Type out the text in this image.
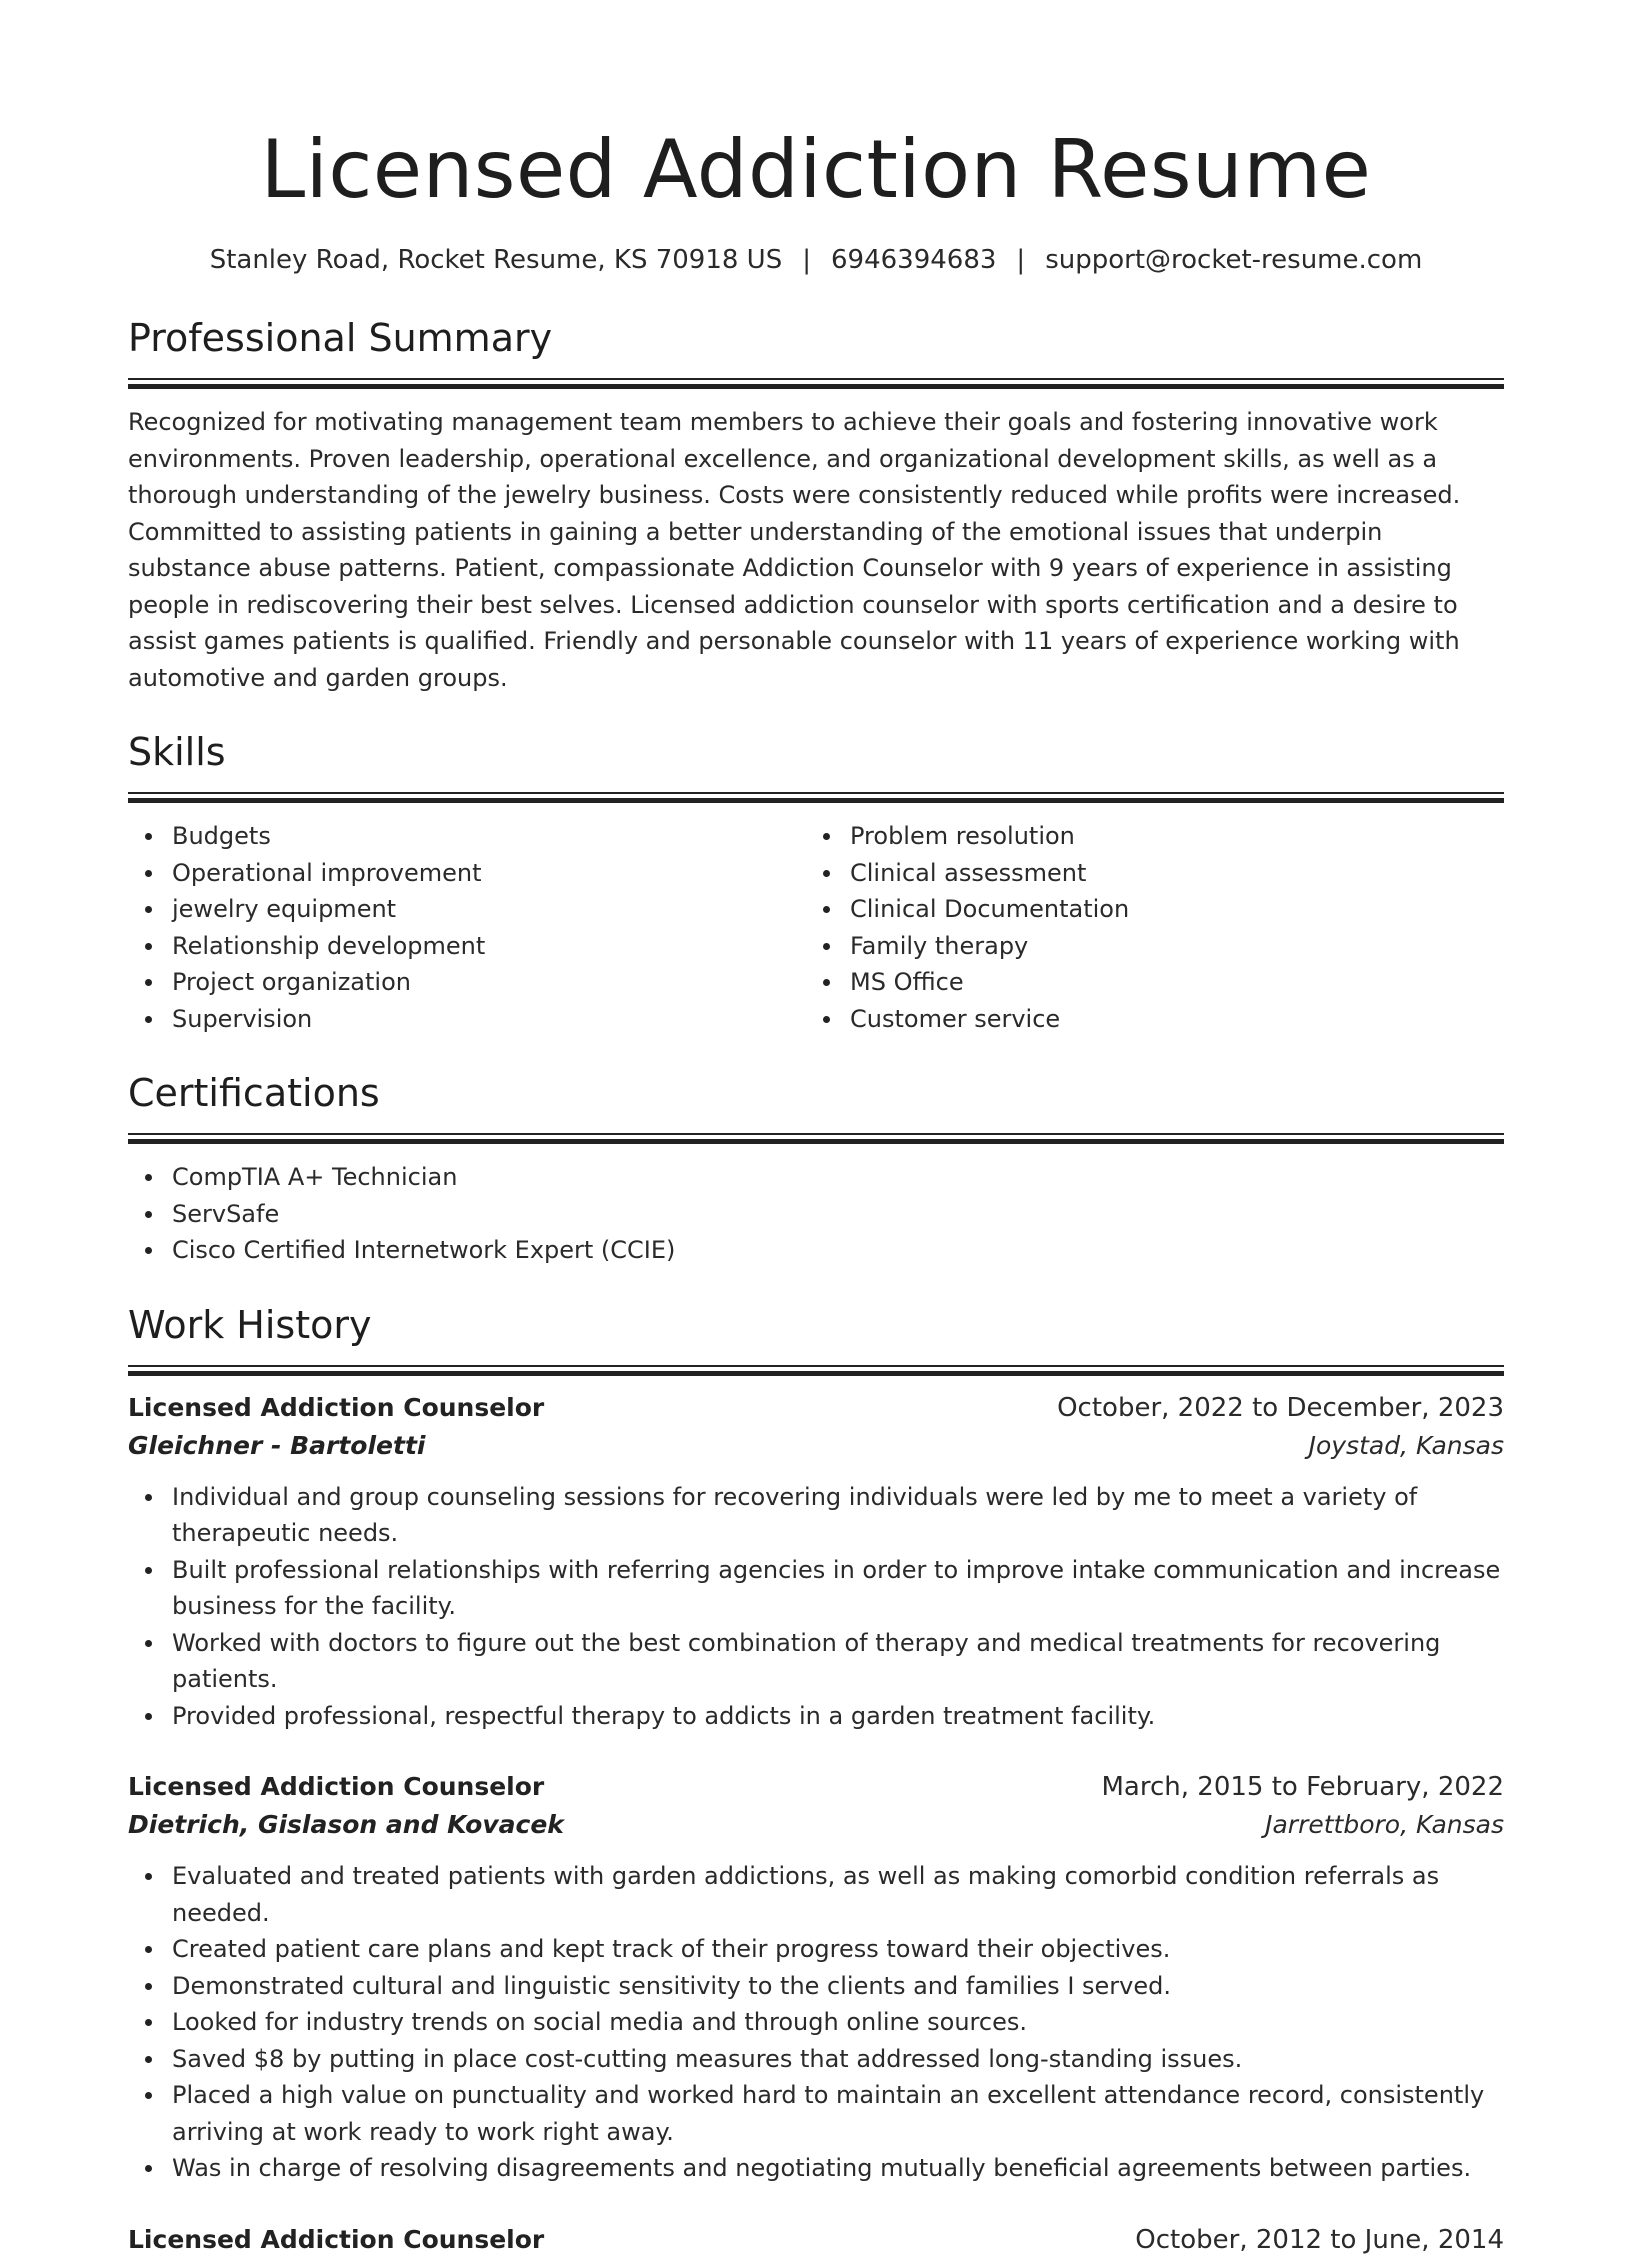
Licensed Addiction Resume
Stanley Road, Rocket Resume, KS 70918 US | 6946394683 | support@rocket-resume.com
Professional Summary

Recognized for motivating management team members to achieve their goals and fostering innovative work environments. Proven leadership, operational excellence, and organizational development skills, as well as a thorough understanding of the jewelry business. Costs were consistently reduced while profits were increased. Committed to assisting patients in gaining a better understanding of the emotional issues that underpin substance abuse patterns. Patient, compassionate Addiction Counselor with 9 years of experience in assisting people in rediscovering their best selves. Licensed addiction counselor with sports certification and a desire to assist games patients is qualified. Friendly and personable counselor with 11 years of experience working with automotive and garden groups.

Skills
Budgets
Operational improvement
jewelry equipment
Relationship development
Project organization
Supervision
Problem resolution
Clinical assessment
Clinical Documentation
Family therapy
MS Office
Customer service
Certifications
CompTIA A+ Technician
ServSafe
Cisco Certified Internetwork Expert (CCIE)
Work History
Licensed Addiction Counselor	October, 2022 to December, 2023
Gleichner - Bartoletti	Joystad, Kansas
Individual and group counseling sessions for recovering individuals were led by me to meet a variety of therapeutic needs.
Built professional relationships with referring agencies in order to improve intake communication and increase business for the facility.
Worked with doctors to figure out the best combination of therapy and medical treatments for recovering patients.
Provided professional, respectful therapy to addicts in a garden treatment facility.
Licensed Addiction Counselor	March, 2015 to February, 2022
Dietrich, Gislason and Kovacek	Jarrettboro, Kansas
Evaluated and treated patients with garden addictions, as well as making comorbid condition referrals as needed.
Created patient care plans and kept track of their progress toward their objectives.
Demonstrated cultural and linguistic sensitivity to the clients and families I served.
Looked for industry trends on social media and through online sources.
Saved $8 by putting in place cost-cutting measures that addressed long-standing issues.
Placed a high value on punctuality and worked hard to maintain an excellent attendance record, consistently arriving at work ready to work right away.
Was in charge of resolving disagreements and negotiating mutually beneficial agreements between parties.
Licensed Addiction Counselor	October, 2012 to June, 2014
